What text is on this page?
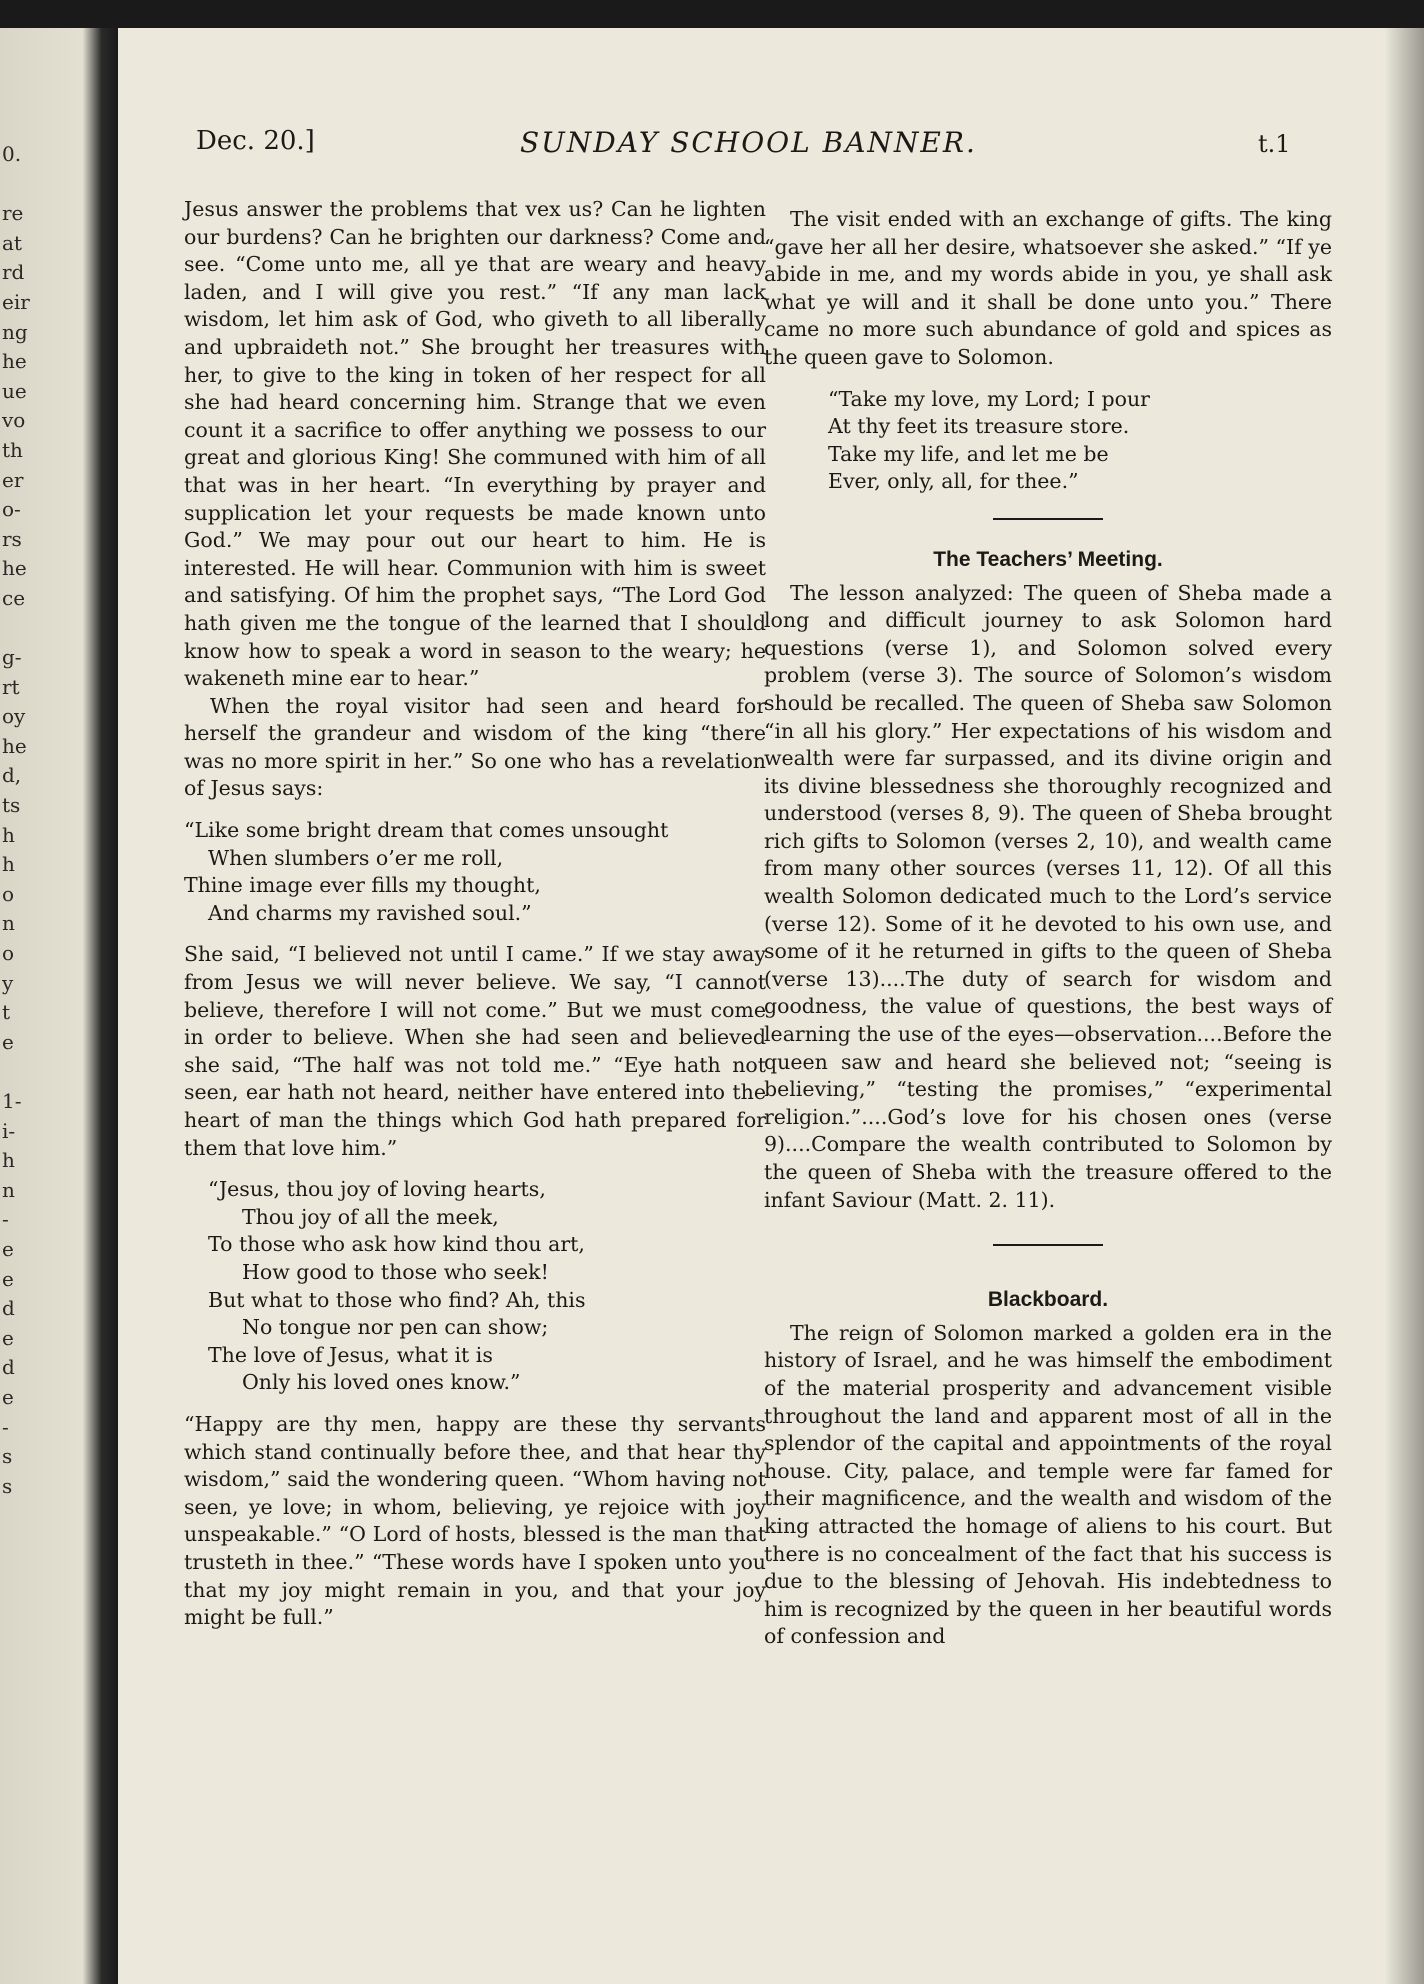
0.
re
at
rd
eir
ng
he
ue
vo
th
er
o-
rs
he
ce
g-
rt
oy
he
d,
ts
h
h
o
n
o
y
t
e
1-
i-
h
n
-
e
e
d
e
d
e
-
s
s
Dec. 20.]	SUNDAY SCHOOL BANNER.	t.1

Jesus answer the problems that vex us? Can he lighten our burdens? Can he brighten our darkness? Come and see. “Come unto me, all ye that are weary and heavy laden, and I will give you rest.” “If any man lack wisdom, let him ask of God, who giveth to all liberally and upbraideth not.” She brought her treasures with her, to give to the king in token of her respect for all she had heard concerning him. Strange that we even count it a sacrifice to offer anything we possess to our great and glorious King! She communed with him of all that was in her heart. “In everything by prayer and supplication let your requests be made known unto God.” We may pour out our heart to him. He is interested. He will hear. Communion with him is sweet and satisfying. Of him the prophet says, “The Lord God hath given me the tongue of the learned that I should know how to speak a word in season to the weary; he wakeneth mine ear to hear.”

When the royal visitor had seen and heard for herself the grandeur and wisdom of the king “there was no more spirit in her.” So one who has a revelation of Jesus says:

“Like some bright dream that comes unsought
When slumbers o’er me roll,
Thine image ever fills my thought,
And charms my ravished soul.”

She said, “I believed not until I came.” If we stay away from Jesus we will never believe. We say, “I cannot believe, therefore I will not come.” But we must come in order to believe. When she had seen and believed she said, “The half was not told me.” “Eye hath not seen, ear hath not heard, neither have entered into the heart of man the things which God hath prepared for them that love him.”

“Jesus, thou joy of loving hearts,
Thou joy of all the meek,
To those who ask how kind thou art,
How good to those who seek!
But what to those who find? Ah, this
No tongue nor pen can show;
The love of Jesus, what it is
Only his loved ones know.”

“Happy are thy men, happy are these thy servants which stand continually before thee, and that hear thy wisdom,” said the wondering queen. “Whom having not seen, ye love; in whom, believing, ye rejoice with joy unspeakable.” “O Lord of hosts, blessed is the man that trusteth in thee.” “These words have I spoken unto you that my joy might remain in you, and that your joy might be full.”

The visit ended with an exchange of gifts. The king “gave her all her desire, whatsoever she asked.” “If ye abide in me, and my words abide in you, ye shall ask what ye will and it shall be done unto you.” There came no more such abundance of gold and spices as the queen gave to Solomon.

“Take my love, my Lord; I pour
At thy feet its treasure store.
Take my life, and let me be
Ever, only, all, for thee.”
The Teachers’ Meeting.

The lesson analyzed: The queen of Sheba made a long and difficult journey to ask Solomon hard questions (verse 1), and Solomon solved every problem (verse 3). The source of Solomon’s wisdom should be recalled. The queen of Sheba saw Solomon “in all his glory.” Her expectations of his wisdom and wealth were far surpassed, and its divine origin and its divine blessedness she thoroughly recognized and understood (verses 8, 9). The queen of Sheba brought rich gifts to Solomon (verses 2, 10), and wealth came from many other sources (verses 11, 12). Of all this wealth Solomon dedicated much to the Lord’s service (verse 12). Some of it he devoted to his own use, and some of it he returned in gifts to the queen of Sheba (verse 13)....The duty of search for wisdom and goodness, the value of questions, the best ways of learning the use of the eyes—observation....Before the queen saw and heard she believed not; “seeing is believing,” “testing the promises,” “experimental religion.”....God’s love for his chosen ones (verse 9)....Compare the wealth contributed to Solomon by the queen of Sheba with the treasure offered to the infant Saviour (Matt. 2. 11).

Blackboard.

The reign of Solomon marked a golden era in the history of Israel, and he was himself the embodiment of the material prosperity and advancement visible throughout the land and apparent most of all in the splendor of the capital and appointments of the royal house. City, palace, and temple were far famed for their magnificence, and the wealth and wisdom of the king attracted the homage of aliens to his court. But there is no concealment of the fact that his success is due to the blessing of Jehovah. His indebtedness to him is recognized by the queen in her beautiful words of confession and
